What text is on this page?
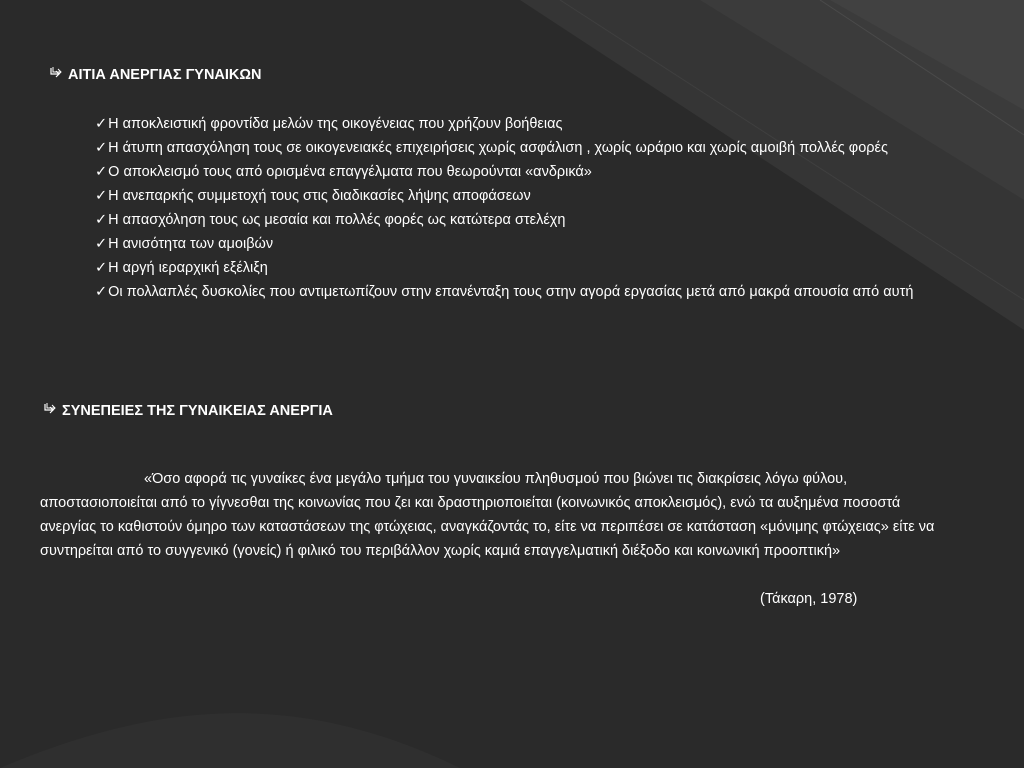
ΑΙΤΙΑ ΑΝΕΡΓΙΑΣ ΓΥΝΑΙΚΩΝ
✓Η αποκλειστική φροντίδα μελών της οικογένειας που χρήζουν βοήθειας
✓Η άτυπη απασχόληση τους σε οικογενειακές επιχειρήσεις χωρίς ασφάλιση , χωρίς ωράριο και χωρίς αμοιβή πολλές φορές
✓Ο αποκλεισμό τους από ορισμένα επαγγέλματα που θεωρούνται «ανδρικά»
✓Η ανεπαρκής συμμετοχή τους στις διαδικασίες λήψης αποφάσεων
✓Η απασχόληση τους ως μεσαία και πολλές φορές ως κατώτερα στελέχη
✓Η ανισότητα των αμοιβών
✓Η αργή ιεραρχική εξέλιξη
✓Οι πολλαπλές δυσκολίες που αντιμετωπίζουν στην επανένταξη τους στην αγορά εργασίας μετά από μακρά απουσία από αυτή
ΣΥΝΕΠΕΙΕΣ ΤΗΣ ΓΥΝΑΙΚΕΙΑΣ ΑΝΕΡΓΙΑ

«Όσο αφορά τις γυναίκες ένα μεγάλο τμήμα του γυναικείου πληθυσμού που βιώνει τις διακρίσεις λόγω φύλου, αποστασιοποιείται από το γίγνεσθαι της κοινωνίας που ζει και δραστηριοποιείται (κοινωνικός αποκλεισμός), ενώ τα αυξημένα ποσοστά ανεργίας το καθιστούν όμηρο των καταστάσεων της φτώχειας, αναγκάζοντάς το, είτε να περιπέσει σε κατάσταση «μόνιμης φτώχειας» είτε να συντηρείται από το συγγενικό (γονείς) ή φιλικό του περιβάλλον χωρίς καμιά επαγγελματική διέξοδο και κοινωνική προοπτική»

(Τάκαρη, 1978)
